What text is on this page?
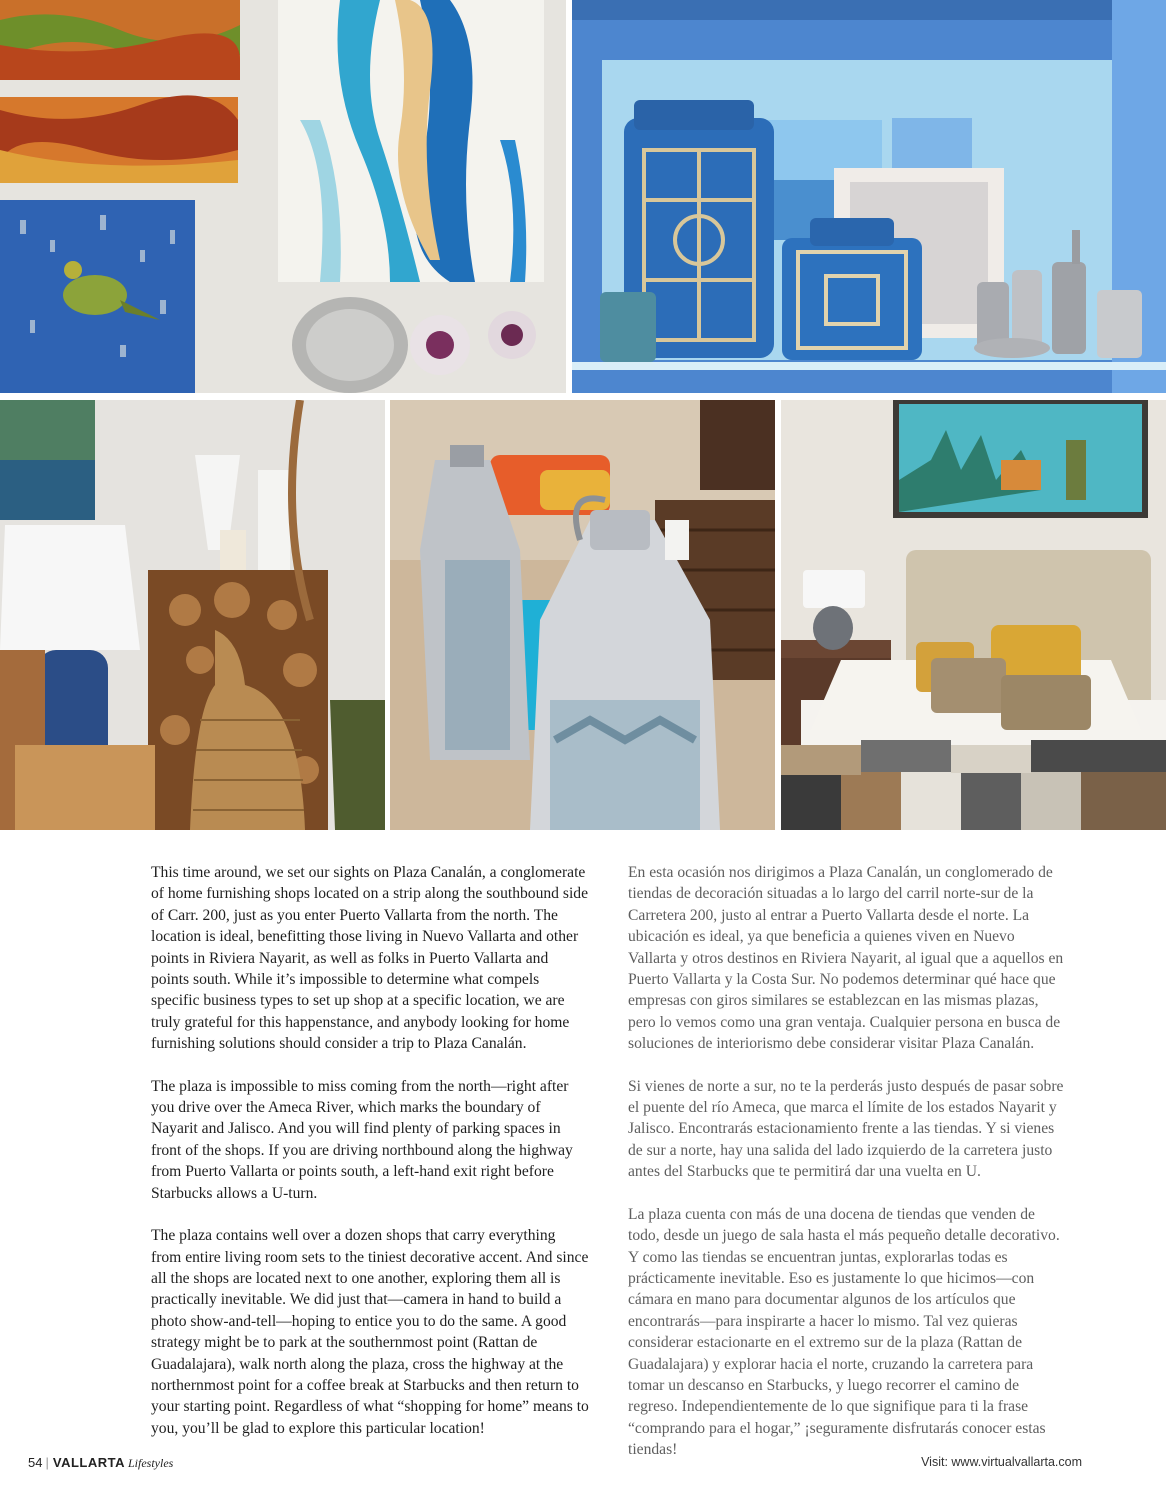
This time around, we set our sights on Plaza Canalán, a conglomerate of home furnishing shops located on a strip along the southbound side of Carr. 200, just as you enter Puerto Vallarta from the north. The location is ideal, benefitting those living in Nuevo Vallarta and other points in Riviera Nayarit, as well as folks in Puerto Vallarta and points south. While it’s impossible to determine what compels specific business types to set up shop at a specific location, we are truly grateful for this happenstance, and anybody looking for home furnishing solutions should consider a trip to Plaza Canalán.

The plaza is impossible to miss coming from the north—right after you drive over the Ameca River, which marks the boundary of Nayarit and Jalisco. And you will find plenty of parking spaces in front of the shops. If you are driving northbound along the highway from Puerto Vallarta or points south, a left-hand exit right before Starbucks allows a U-turn.

The plaza contains well over a dozen shops that carry everything from entire living room sets to the tiniest decorative accent. And since all the shops are located next to one another, exploring them all is practically inevitable. We did just that—camera in hand to build a photo show-and-tell—hoping to entice you to do the same. A good strategy might be to park at the southernmost point (Rattan de Guadalajara), walk north along the plaza, cross the highway at the northernmost point for a coffee break at Starbucks and then return to your starting point. Regardless of what “shopping for home” means to you, you’ll be glad to explore this particular location!

En esta ocasión nos dirigimos a Plaza Canalán, un conglomerado de tiendas de decoración situadas a lo largo del carril norte-sur de la Carretera 200, justo al entrar a Puerto Vallarta desde el norte. La ubicación es ideal, ya que beneficia a quienes viven en Nuevo Vallarta y otros destinos en Riviera Nayarit, al igual que a aquellos en Puerto Vallarta y la Costa Sur. No podemos determinar qué hace que empresas con giros similares se establezcan en las mismas plazas, pero lo vemos como una gran ventaja. Cualquier persona en busca de soluciones de interiorismo debe considerar visitar Plaza Canalán.

Si vienes de norte a sur, no te la perderás justo después de pasar sobre el puente del río Ameca, que marca el límite de los estados Nayarit y Jalisco. Encontrarás estacionamiento frente a las tiendas. Y si vienes de sur a norte, hay una salida del lado izquierdo de la carretera justo antes del Starbucks que te permitirá dar una vuelta en U.

La plaza cuenta con más de una docena de tiendas que venden de todo, desde un juego de sala hasta el más pequeño detalle decorativo. Y como las tiendas se encuentran juntas, explorarlas todas es prácticamente inevitable. Eso es justamente lo que hicimos—con cámara en mano para documentar algunos de los artículos que encontrarás—para inspirarte a hacer lo mismo. Tal vez quieras considerar estacionarte en el extremo sur de la plaza (Rattan de Guadalajara) y explorar hacia el norte, cruzando la carretera para tomar un descanso en Starbucks, y luego recorrer el camino de regreso. Independientemente de lo que signifique para ti la frase “comprando para el hogar,” ¡seguramente disfrutarás conocer estas tiendas!

54 | VALLARTA Lifestyles	Visit: www.virtualvallarta.com
